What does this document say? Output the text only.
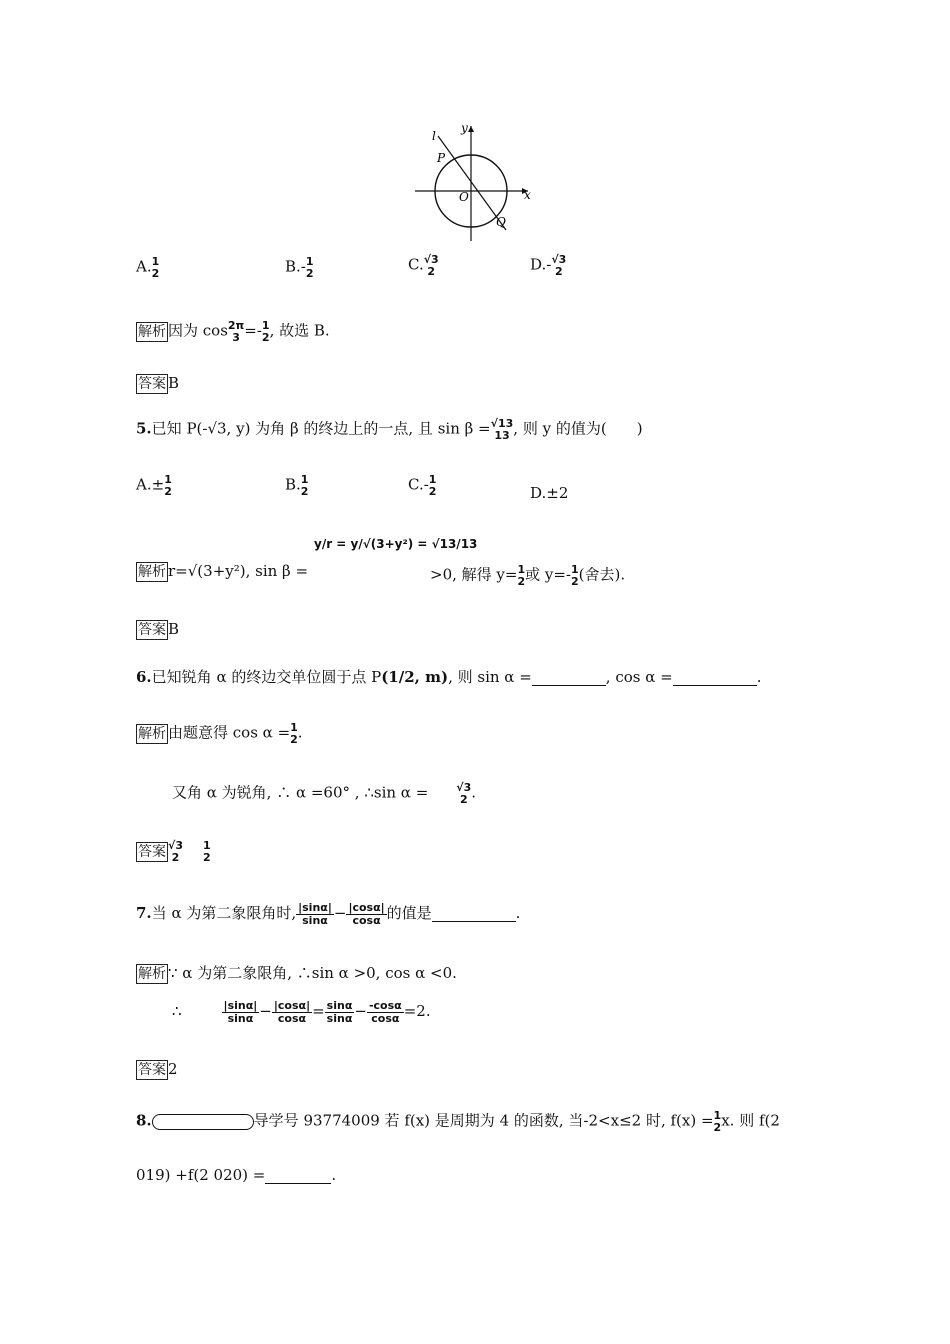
l
y
P
O	x
Q
A. 1
2	B.- 1
2	C. √3
2	D.- √3
2
解析 因为 cos 2π
3 =- 1
2 , 故选 B.
答案 B
5.已知 P(-√3, y) 为角 β 的终边上的一点, 且 sin β = √13
13 , 则 y 的值为(　　)
A.± 1
2	B. 1
2	C.- 1
2	D.±2
解析 r=√(3+y²), sin β =
y/r = y/√(3+y²) = √13/13
>0, 解得 y= 1
2 或 y=- 1
2 (舍去).
答案 B
6.已知锐角 α 的终边交单位圆于点 P(1/2, m), 则 sin α =	, cos α =	.
解析 由题意得 cos α = 1
2 .
又角 α 为锐角, ∴ α =60° , ∴sin α =	√3
2 .
答案 √3
2
1
2
7.当 α 为第二象限角时, $\frac{|\sin\alpha|}{\sin\alpha} - \frac{|\cos\alpha|}{\cos\alpha}$ 的值是	.
解析 ∵ α 为第二象限角, ∴sin α >0, cos α <0.
∴	$\frac{|\sin\alpha|}{\sin\alpha} - \frac{|\cos\alpha|}{\cos\alpha} = \frac{\sin\alpha}{\sin\alpha} - \frac{-\cos\alpha}{\cos\alpha} =2$.
答案 2
8.	导学号 93774009 若 f(x) 是周期为 4 的函数, 当-2<x≤2 时, f(x) = 1
2 x. 则 f(2
019) +f(2 020) =	.
